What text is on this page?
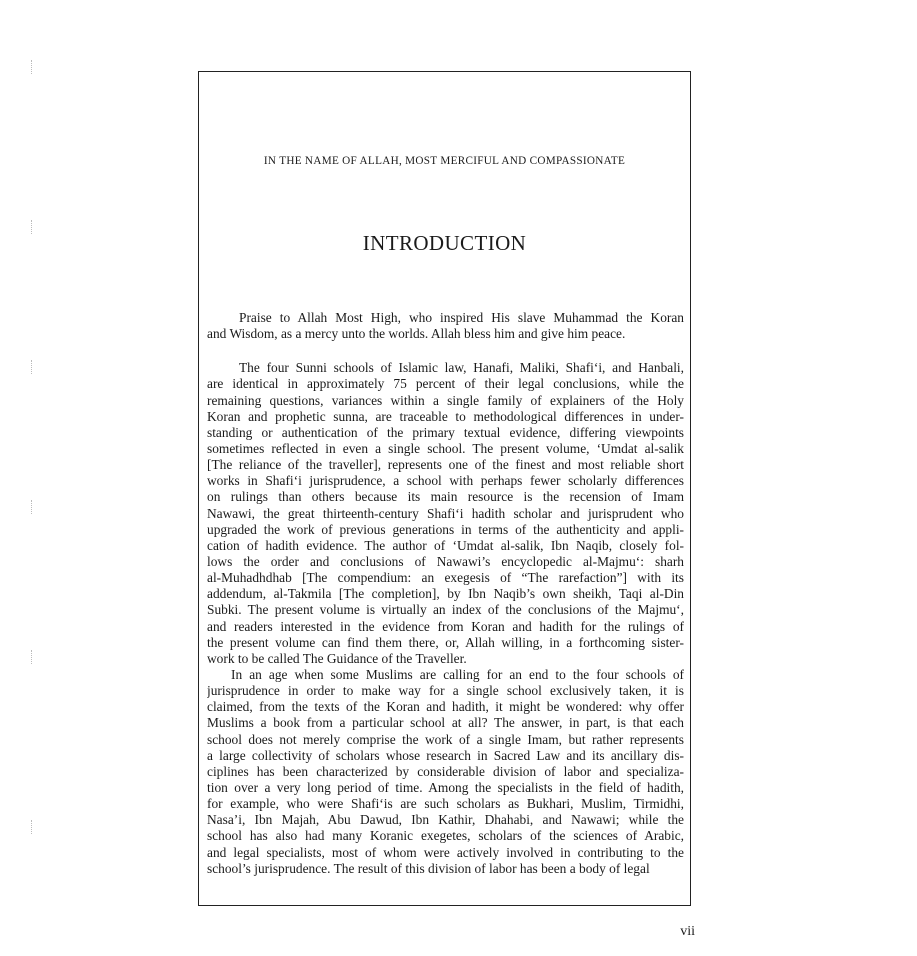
IN THE NAME OF ALLAH, MOST MERCIFUL AND COMPASSIONATE
INTRODUCTION
Praise to Allah Most High, who inspired His slave Muhammad the Koran
and Wisdom, as a mercy unto the worlds. Allah bless him and give him peace.
The four Sunni schools of Islamic law, Hanafi, Maliki, Shafi‘i, and Hanbali,
are identical in approximately 75 percent of their legal conclusions, while the
remaining questions, variances within a single family of explainers of the Holy
Koran and prophetic sunna, are traceable to methodological differences in under-
standing or authentication of the primary textual evidence, differing viewpoints
sometimes reflected in even a single school. The present volume, ‘Umdat al-salik
[The reliance of the traveller], represents one of the finest and most reliable short
works in Shafi‘i jurisprudence, a school with perhaps fewer scholarly differences
on rulings than others because its main resource is the recension of Imam
Nawawi, the great thirteenth-century Shafi‘i hadith scholar and jurisprudent who
upgraded the work of previous generations in terms of the authenticity and appli-
cation of hadith evidence. The author of ‘Umdat al-salik, Ibn Naqib, closely fol-
lows the order and conclusions of Nawawi’s encyclopedic al-Majmu‘: sharh
al-Muhadhdhab [The compendium: an exegesis of “The rarefaction”] with its
addendum, al-Takmila [The completion], by Ibn Naqib’s own sheikh, Taqi al-Din
Subki. The present volume is virtually an index of the conclusions of the Majmu‘,
and readers interested in the evidence from Koran and hadith for the rulings of
the present volume can find them there, or, Allah willing, in a forthcoming sister-
work to be called The Guidance of the Traveller.
In an age when some Muslims are calling for an end to the four schools of
jurisprudence in order to make way for a single school exclusively taken, it is
claimed, from the texts of the Koran and hadith, it might be wondered: why offer
Muslims a book from a particular school at all? The answer, in part, is that each
school does not merely comprise the work of a single Imam, but rather represents
a large collectivity of scholars whose research in Sacred Law and its ancillary dis-
ciplines has been characterized by considerable division of labor and specializa-
tion over a very long period of time. Among the specialists in the field of hadith,
for example, who were Shafi‘is are such scholars as Bukhari, Muslim, Tirmidhi,
Nasa’i, Ibn Majah, Abu Dawud, Ibn Kathir, Dhahabi, and Nawawi; while the
school has also had many Koranic exegetes, scholars of the sciences of Arabic,
and legal specialists, most of whom were actively involved in contributing to the
school’s jurisprudence. The result of this division of labor has been a body of legal
vii
